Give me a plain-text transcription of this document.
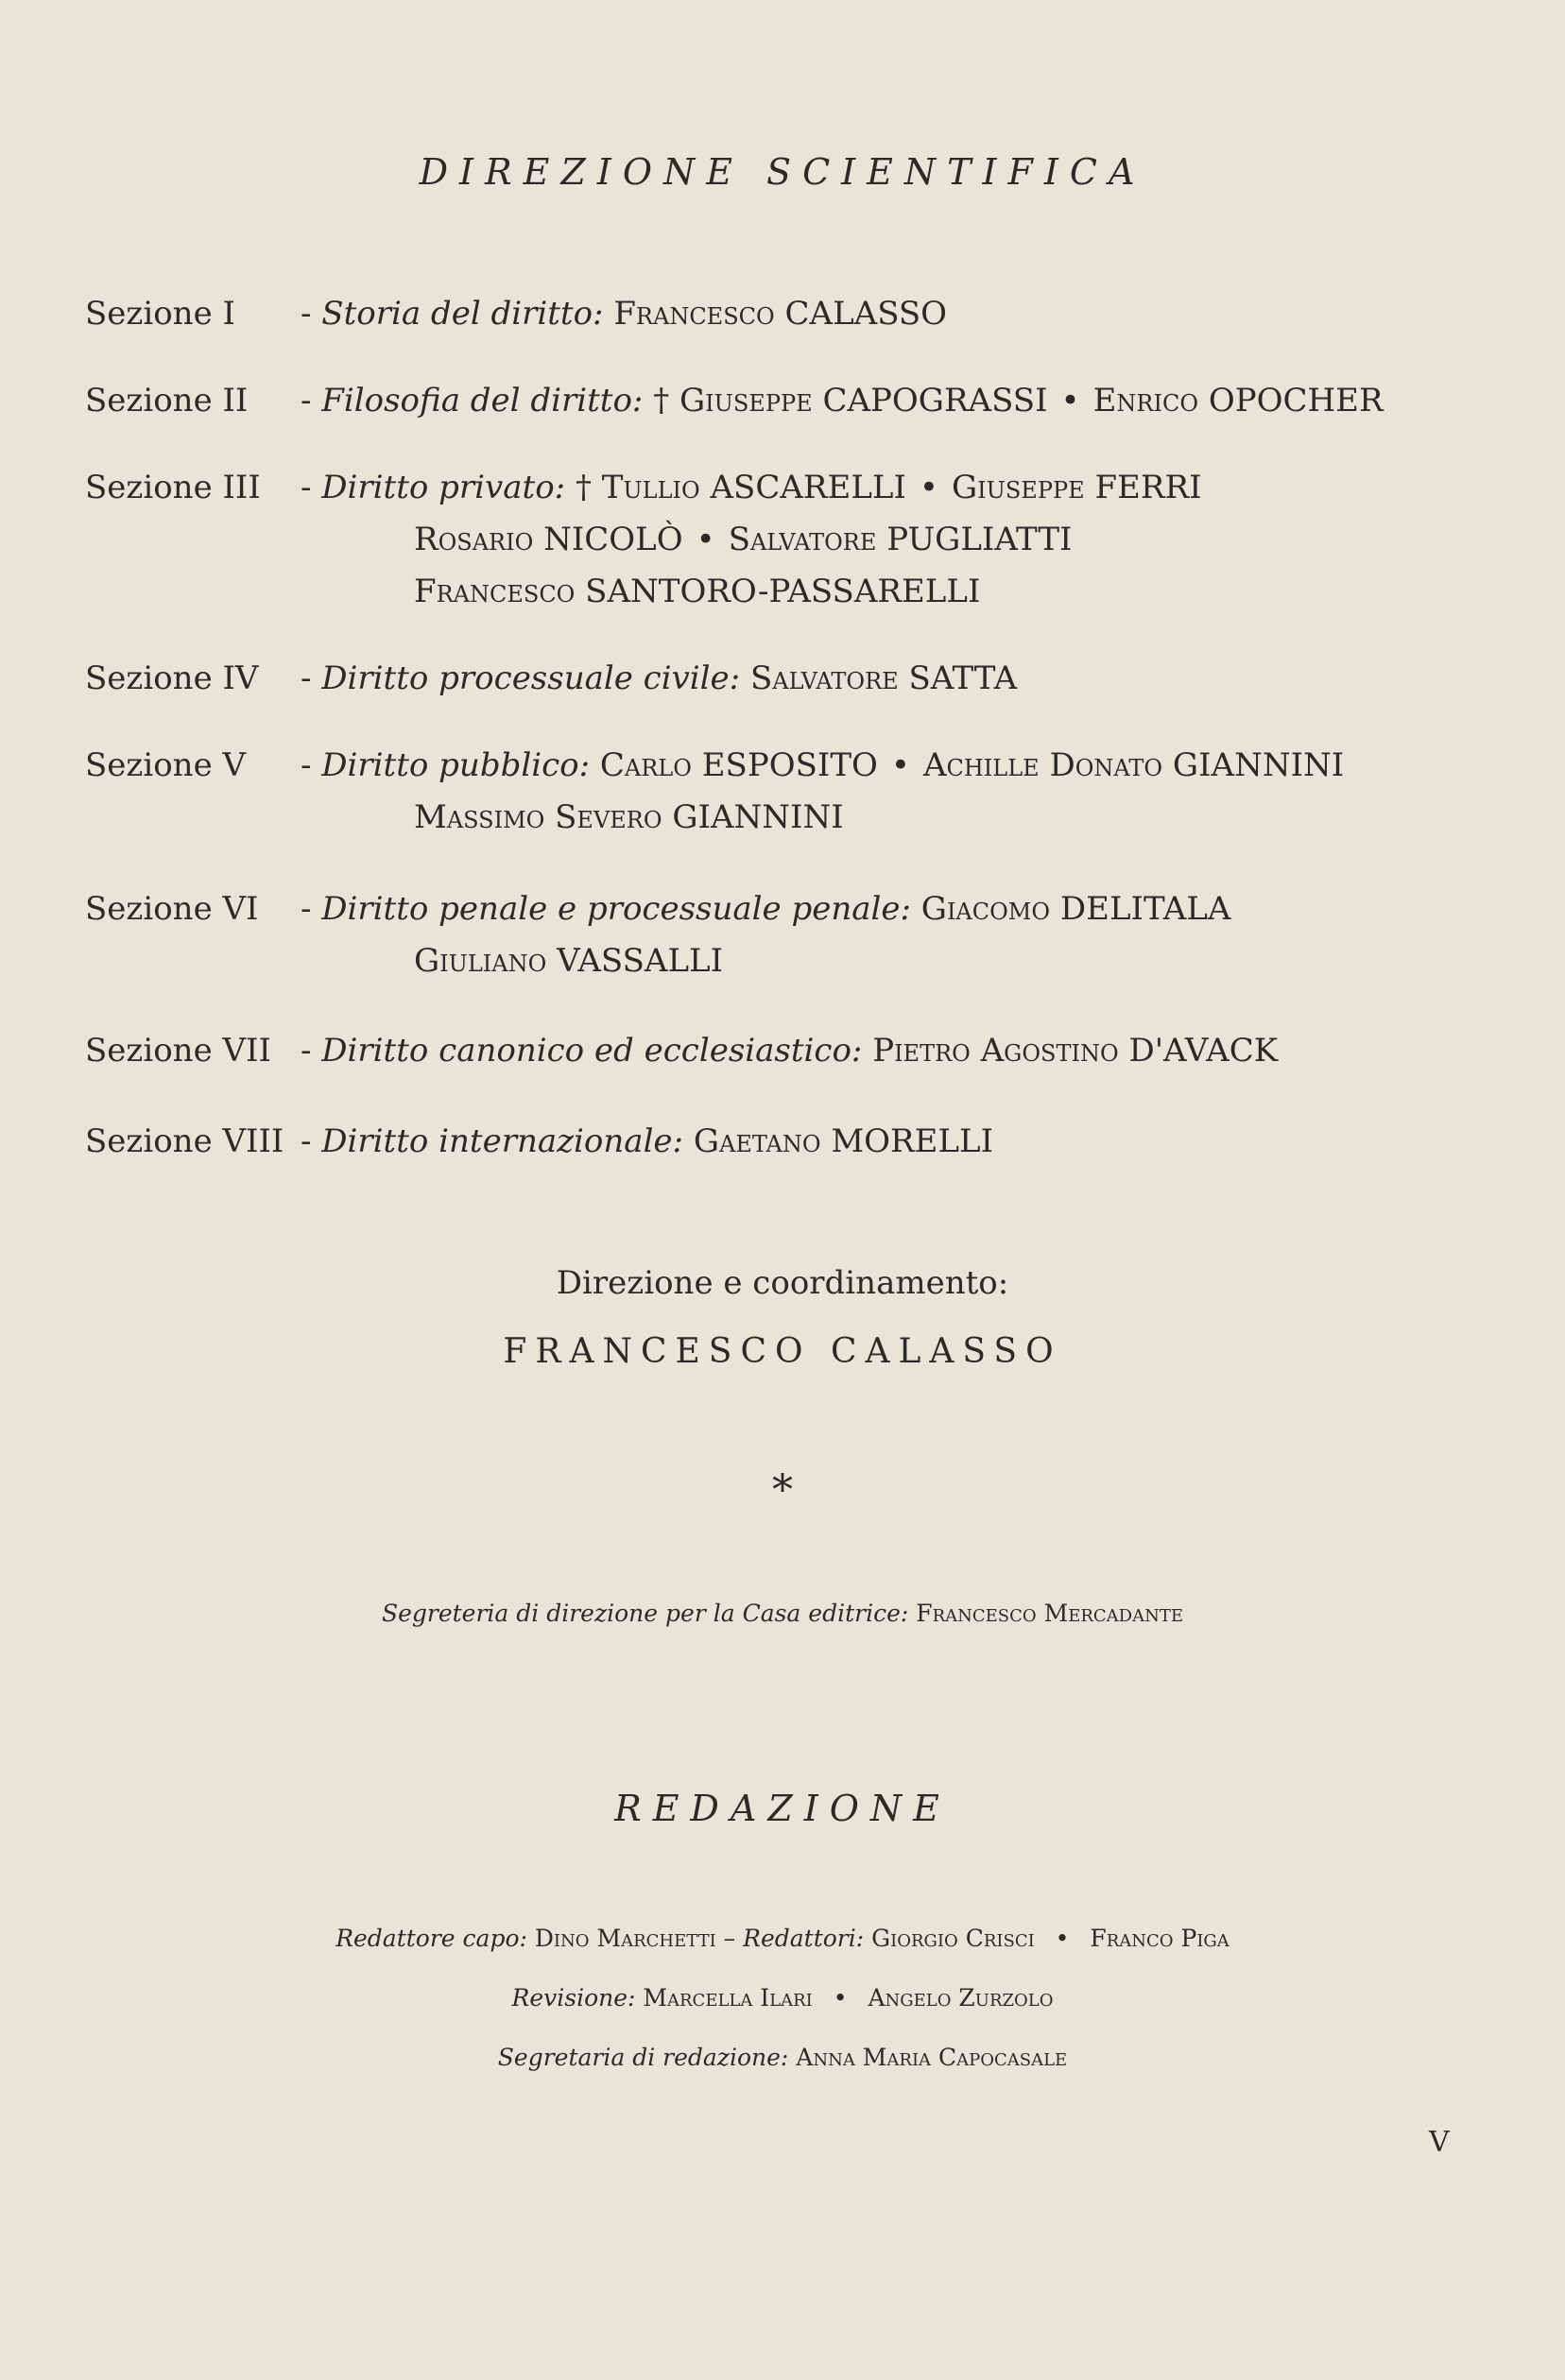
DIREZIONE SCIENTIFICA
Sezione I - Storia del diritto: Francesco CALASSO
Sezione II - Filosofia del diritto: † Giuseppe CAPOGRASSI • Enrico OPOCHER
Sezione III - Diritto privato: † Tullio ASCARELLI • Giuseppe FERRI
Rosario NICOLÒ • Salvatore PUGLIATTI
Francesco SANTORO-PASSARELLI
Sezione IV - Diritto processuale civile: Salvatore SATTA
Sezione V - Diritto pubblico: Carlo ESPOSITO • Achille Donato GIANNINI
Massimo Severo GIANNINI
Sezione VI - Diritto penale e processuale penale: Giacomo DELITALA
Giuliano VASSALLI
Sezione VII - Diritto canonico ed ecclesiastico: Pietro Agostino D'AVACK
Sezione VIII - Diritto internazionale: Gaetano MORELLI
Direzione e coordinamento:
FRANCESCO CALASSO
*
Segreteria di direzione per la Casa editrice: Francesco Mercadante
REDAZIONE
Redattore capo: Dino Marchetti – Redattori: Giorgio Crisci • Franco Piga
Revisione: Marcella Ilari • Angelo Zurzolo
Segretaria di redazione: Anna Maria Capocasale
V
